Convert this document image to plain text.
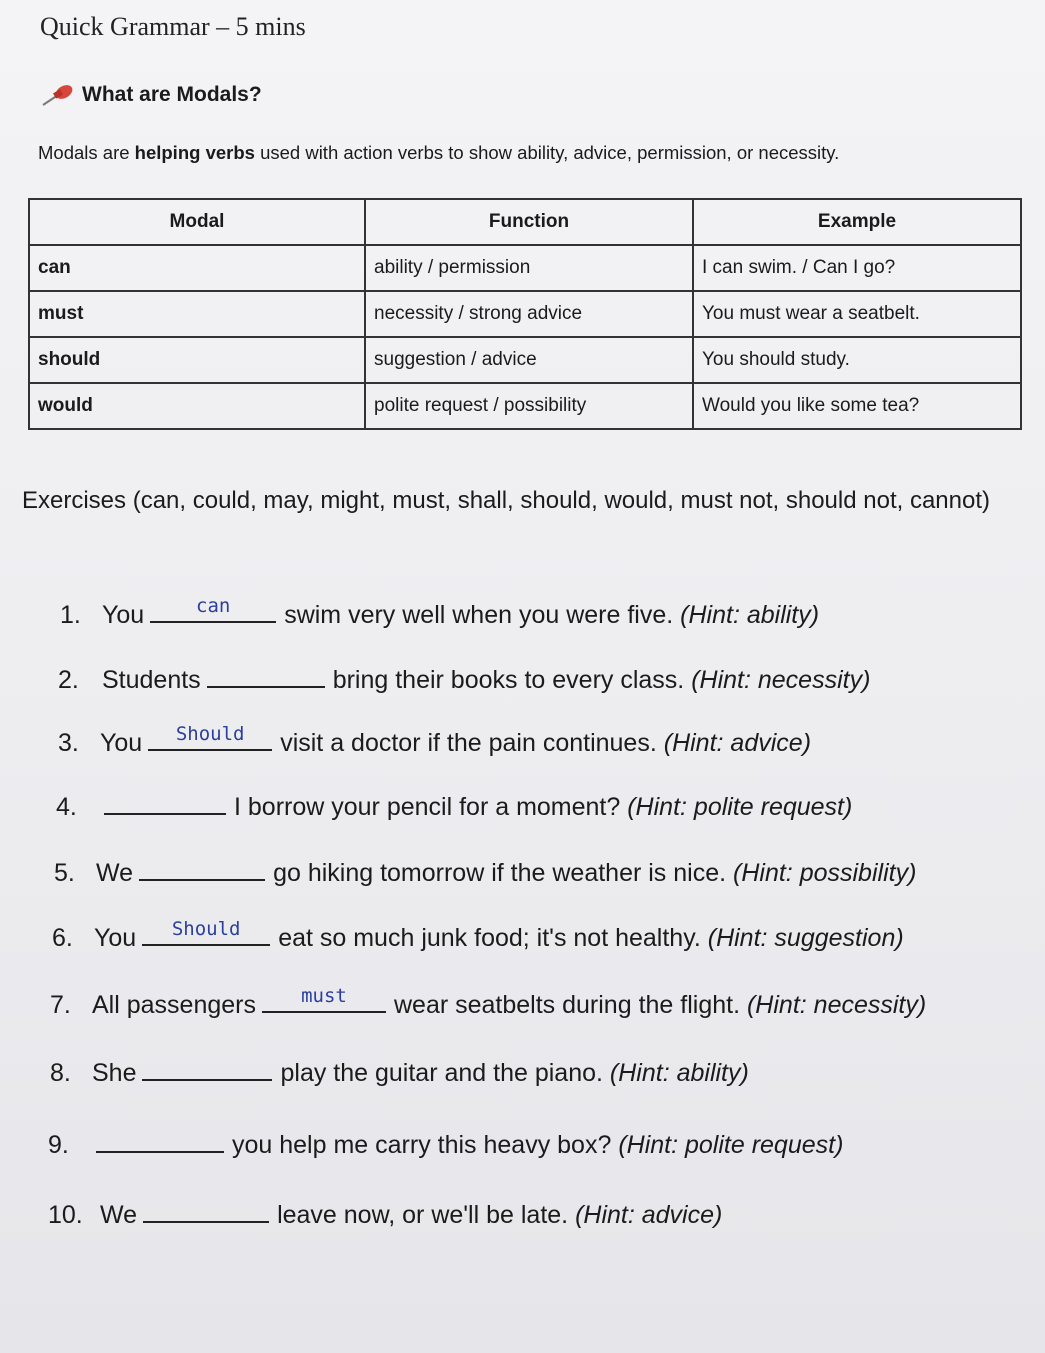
Quick Grammar – 5 mins
What are Modals?
Modals are helping verbs used with action verbs to show ability, advice, permission, or necessity.
Modal	Function	Example
can	ability / permission	I can swim. / Can I go?
must	necessity / strong advice	You must wear a seatbelt.
should	suggestion / advice	You should study.
would	polite request / possibility	Would you like some tea?
Exercises (can, could, may, might, must, shall, should, would, must not, should not, cannot)
1. You	can	swim very well when you were five.
(Hint: ability)
2. Students	bring their books to every class.
(Hint: necessity)
3. You	Should	visit a doctor if the pain continues.
(Hint: advice)
4.	I borrow your pencil for a moment?
(Hint: polite request)
5. We	go hiking tomorrow if the weather is nice.
(Hint: possibility)
6. You	Should	eat so much junk food; it's not healthy.
(Hint: suggestion)
7. All passengers	must	wear seatbelts during the flight.
(Hint: necessity)
8. She	play the guitar and the piano.
(Hint: ability)
9.	you help me carry this heavy box?
(Hint: polite request)
10. We	leave now, or we'll be late.
(Hint: advice)
